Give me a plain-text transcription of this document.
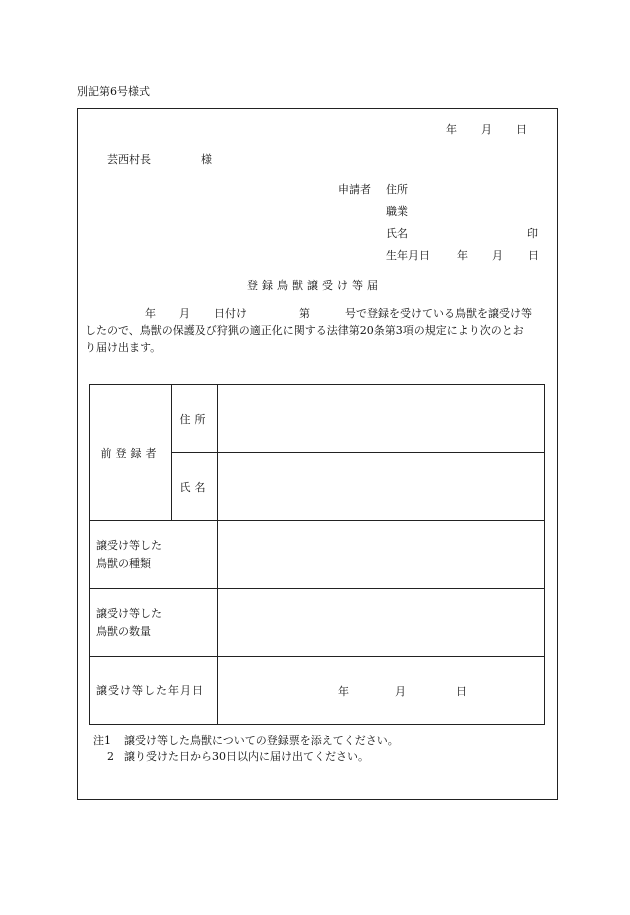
別記第6号様式
年 月 日
芸西村長	様
申請者 住所
職業
氏名	印
生年月日 年 月 日
登録鳥獣譲受け等届
年 月 日付け	第	号で登録を受けている鳥獣を譲受け等
したので、鳥獣の保護及び狩猟の適正化に関する法律第20条第3項の規定により次のとお
り届け出ます。
前登録者	住所	
	氏名	

譲受け等した
鳥獣の種類		

譲受け等した
鳥獣の数量		

譲受け等した年月日		年 月 日
注1 譲受け等した鳥獣についての登録票を添えてください。
2 譲り受けた日から30日以内に届け出てください。
